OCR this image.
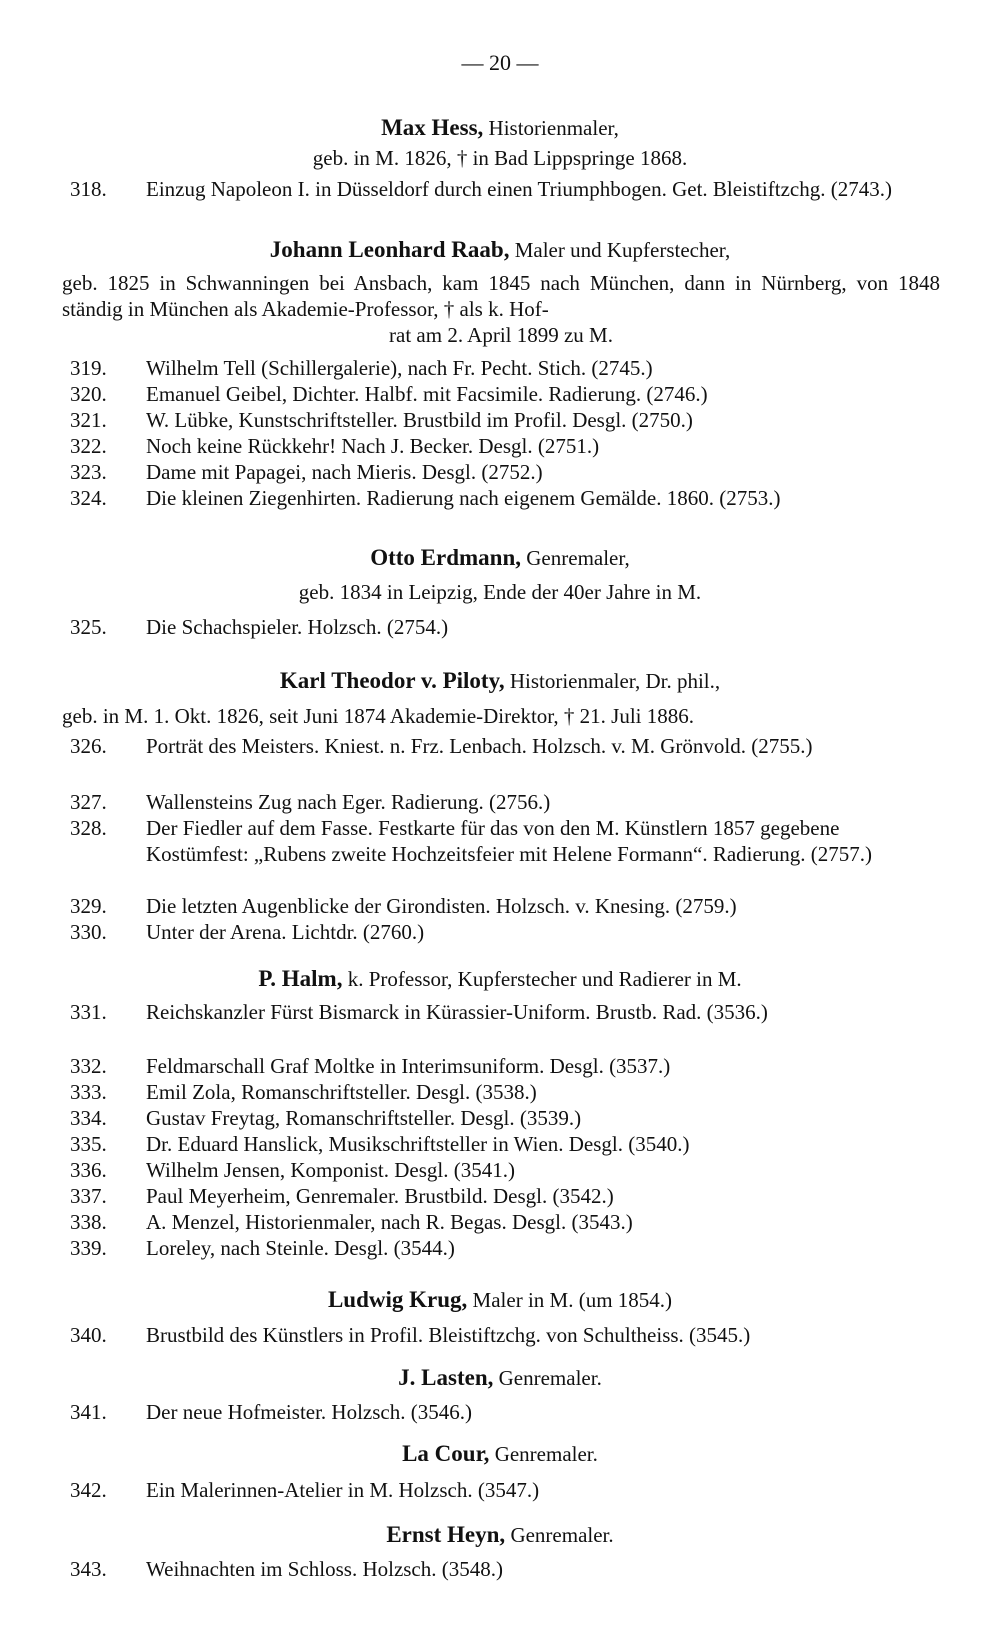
— 20 —
Max Hess, Historienmaler,
geb. in M. 1826, † in Bad Lippspringe 1868.
318.	Einzug Napoleon I. in Düsseldorf durch einen Triumphbogen. Get. Bleistiftzchg. (2743.)
Johann Leonhard Raab, Maler und Kupferstecher,
geb. 1825 in Schwanningen bei Ansbach, kam 1845 nach München, dann in Nürnberg, von 1848 ständig in München als Akademie-Professor, † als k. Hof-
rat am 2. April 1899 zu M.
319.	Wilhelm Tell (Schillergalerie), nach Fr. Pecht. Stich. (2745.)
320.	Emanuel Geibel, Dichter. Halbf. mit Facsimile. Radierung. (2746.)
321.	W. Lübke, Kunstschriftsteller. Brustbild im Profil. Desgl. (2750.)
322.	Noch keine Rückkehr! Nach J. Becker. Desgl. (2751.)
323.	Dame mit Papagei, nach Mieris. Desgl. (2752.)
324.	Die kleinen Ziegenhirten. Radierung nach eigenem Gemälde. 1860. (2753.)
Otto Erdmann, Genremaler,
geb. 1834 in Leipzig, Ende der 40er Jahre in M.
325.	Die Schachspieler. Holzsch. (2754.)
Karl Theodor v. Piloty, Historienmaler, Dr. phil.,
geb. in M. 1. Okt. 1826, seit Juni 1874 Akademie-Direktor, † 21. Juli 1886.
326.	Porträt des Meisters. Kniest. n. Frz. Lenbach. Holzsch. v. M. Grönvold. (2755.)
327.	Wallensteins Zug nach Eger. Radierung. (2756.)
328.	Der Fiedler auf dem Fasse. Festkarte für das von den M. Künstlern 1857 gegebene Kostümfest: „Rubens zweite Hochzeitsfeier mit Helene Formann“. Radierung. (2757.)
329.	Die letzten Augenblicke der Girondisten. Holzsch. v. Knesing. (2759.)
330.	Unter der Arena. Lichtdr. (2760.)
P. Halm, k. Professor, Kupferstecher und Radierer in M.
331.	Reichskanzler Fürst Bismarck in Kürassier-Uniform. Brustb. Rad. (3536.)
332.	Feldmarschall Graf Moltke in Interimsuniform. Desgl. (3537.)
333.	Emil Zola, Romanschriftsteller. Desgl. (3538.)
334.	Gustav Freytag, Romanschriftsteller. Desgl. (3539.)
335.	Dr. Eduard Hanslick, Musikschriftsteller in Wien. Desgl. (3540.)
336.	Wilhelm Jensen, Komponist. Desgl. (3541.)
337.	Paul Meyerheim, Genremaler. Brustbild. Desgl. (3542.)
338.	A. Menzel, Historienmaler, nach R. Begas. Desgl. (3543.)
339.	Loreley, nach Steinle. Desgl. (3544.)
Ludwig Krug, Maler in M. (um 1854.)
340.	Brustbild des Künstlers in Profil. Bleistiftzchg. von Schultheiss. (3545.)
J. Lasten, Genremaler.
341.	Der neue Hofmeister. Holzsch. (3546.)
La Cour, Genremaler.
342.	Ein Malerinnen-Atelier in M. Holzsch. (3547.)
Ernst Heyn, Genremaler.
343.	Weihnachten im Schloss. Holzsch. (3548.)
